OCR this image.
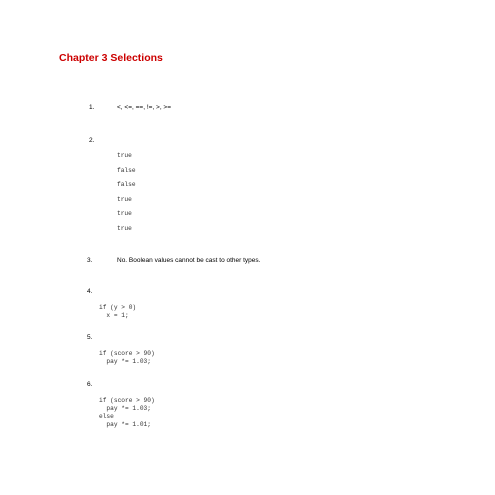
Chapter 3 Selections
1.	<, <=, ==, !=, >, >=
2.
true
false
false
true
true
true
3.	No. Boolean values cannot be cast to other types.
4.
if (y > 0)
x = 1;
5.
if (score > 90)
pay *= 1.03;
6.
if (score > 90)
pay *= 1.03;
else
pay *= 1.01;
